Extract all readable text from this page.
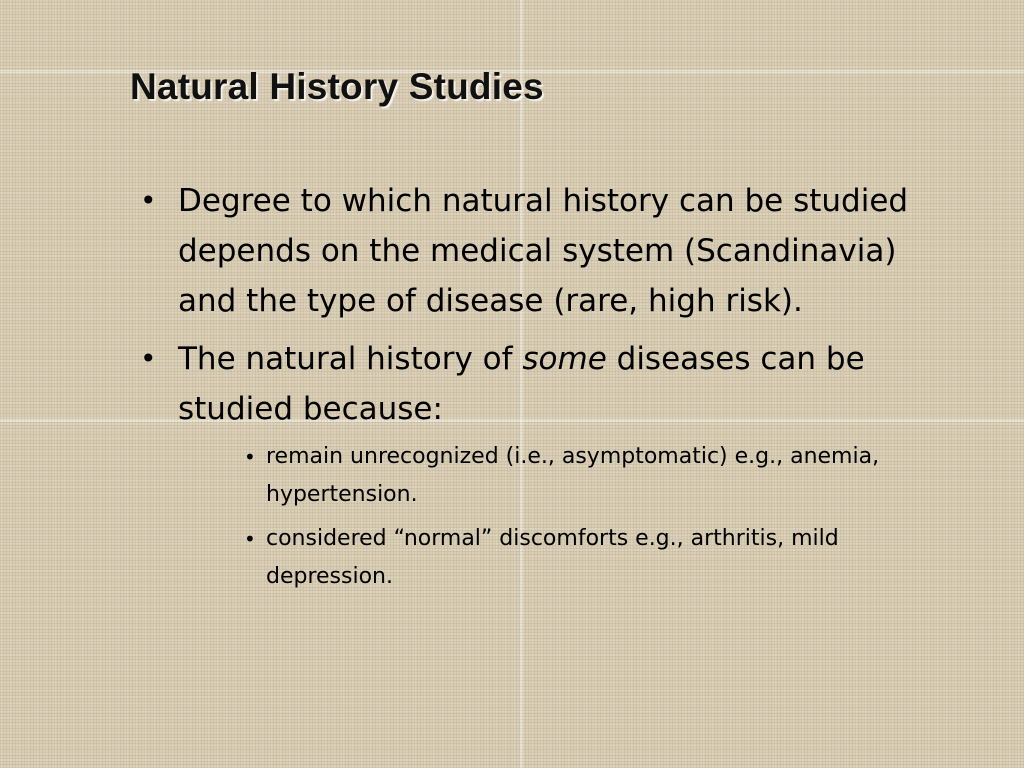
Natural History Studies
• Degree to which natural history can be studied depends on the medical system (Scandinavia) and the type of disease (rare, high risk).
• The natural history of some diseases can be studied because:
• remain unrecognized (i.e., asymptomatic) e.g., anemia, hypertension.
• considered “normal” discomforts e.g., arthritis, mild depression.
